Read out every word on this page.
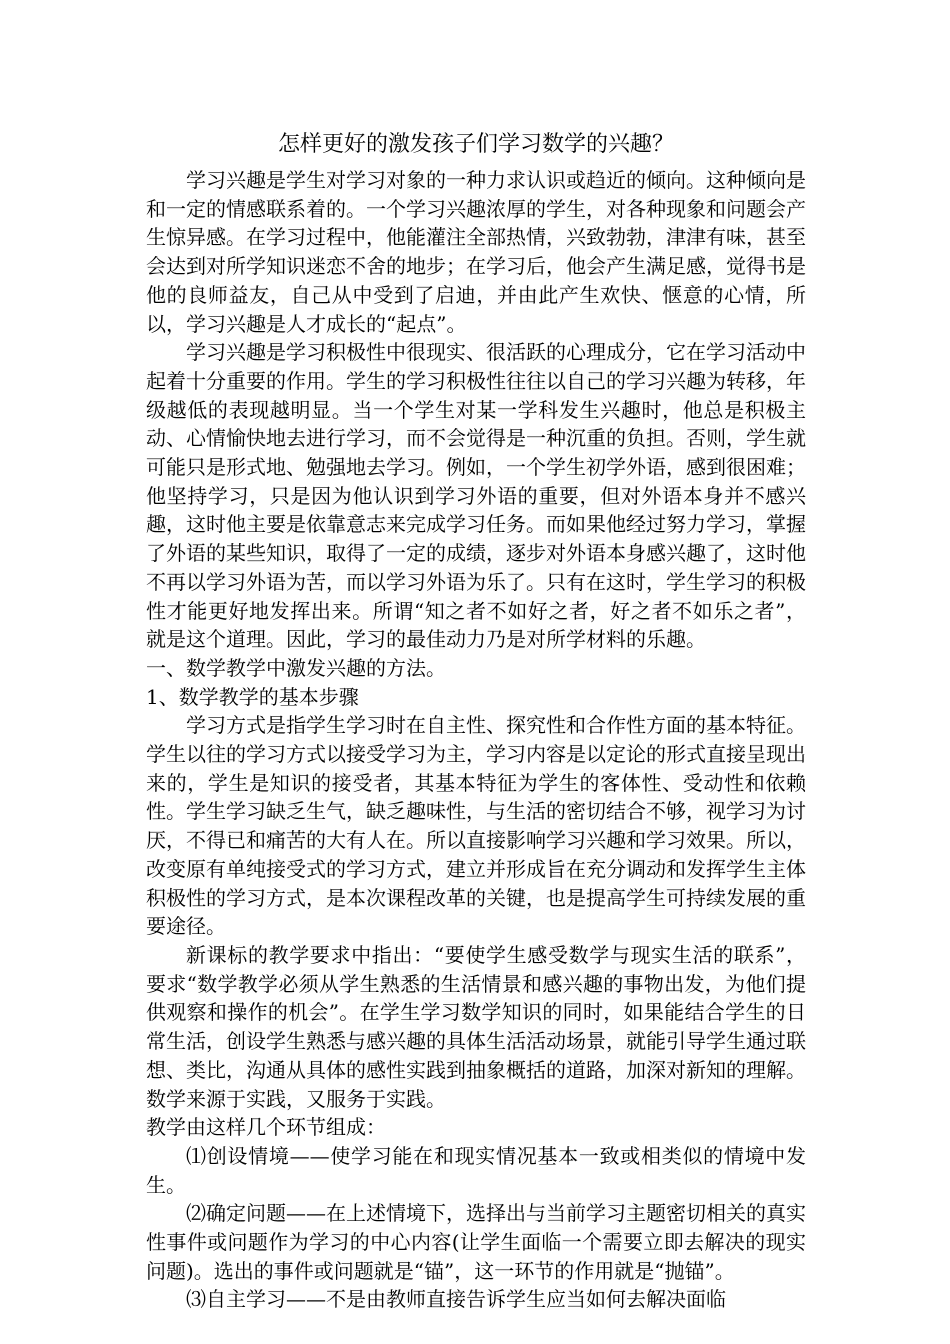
怎样更好的激发孩子们学习数学的兴趣？

学习兴趣是学生对学习对象的一种力求认识或趋近的倾向。这种倾向是和一定的情感联系着的。一个学习兴趣浓厚的学生，对各种现象和问题会产生惊异感。在学习过程中，他能灌注全部热情，兴致勃勃，津津有味，甚至会达到对所学知识迷恋不舍的地步；在学习后，他会产生满足感，觉得书是他的良师益友，自己从中受到了启迪，并由此产生欢快、惬意的心情，所以，学习兴趣是人才成长的“起点”。

学习兴趣是学习积极性中很现实、很活跃的心理成分，它在学习活动中起着十分重要的作用。学生的学习积极性往往以自己的学习兴趣为转移，年级越低的表现越明显。当一个学生对某一学科发生兴趣时，他总是积极主动、心情愉快地去进行学习，而不会觉得是一种沉重的负担。否则，学生就可能只是形式地、勉强地去学习。例如，一个学生初学外语，感到很困难；他坚持学习，只是因为他认识到学习外语的重要，但对外语本身并不感兴趣，这时他主要是依靠意志来完成学习任务。而如果他经过努力学习，掌握了外语的某些知识，取得了一定的成绩，逐步对外语本身感兴趣了，这时他不再以学习外语为苦，而以学习外语为乐了。只有在这时，学生学习的积极性才能更好地发挥出来。所谓“知之者不如好之者，好之者不如乐之者”，就是这个道理。因此，学习的最佳动力乃是对所学材料的乐趣。

一、数学教学中激发兴趣的方法。

1、数学教学的基本步骤

学习方式是指学生学习时在自主性、探究性和合作性方面的基本特征。学生以往的学习方式以接受学习为主，学习内容是以定论的形式直接呈现出来的，学生是知识的接受者，其基本特征为学生的客体性、受动性和依赖性。学生学习缺乏生气，缺乏趣味性，与生活的密切结合不够，视学习为讨厌，不得已和痛苦的大有人在。所以直接影响学习兴趣和学习效果。所以，改变原有单纯接受式的学习方式，建立并形成旨在充分调动和发挥学生主体积极性的学习方式，是本次课程改革的关键，也是提高学生可持续发展的重要途径。

新课标的教学要求中指出：“要使学生感受数学与现实生活的联系”，要求“数学教学必须从学生熟悉的生活情景和感兴趣的事物出发，为他们提供观察和操作的机会”。在学生学习数学知识的同时，如果能结合学生的日常生活，创设学生熟悉与感兴趣的具体生活活动场景，就能引导学生通过联想、类比，沟通从具体的感性实践到抽象概括的道路，加深对新知的理解。数学来源于实践，又服务于实践。

教学由这样几个环节组成：

⑴创设情境——使学习能在和现实情况基本一致或相类似的情境中发生。

⑵确定问题——在上述情境下，选择出与当前学习主题密切相关的真实性事件或问题作为学习的中心内容(让学生面临一个需要立即去解决的现实问题)。选出的事件或问题就是“锚”，这一环节的作用就是“抛锚”。

⑶自主学习——不是由教师直接告诉学生应当如何去解决面临
